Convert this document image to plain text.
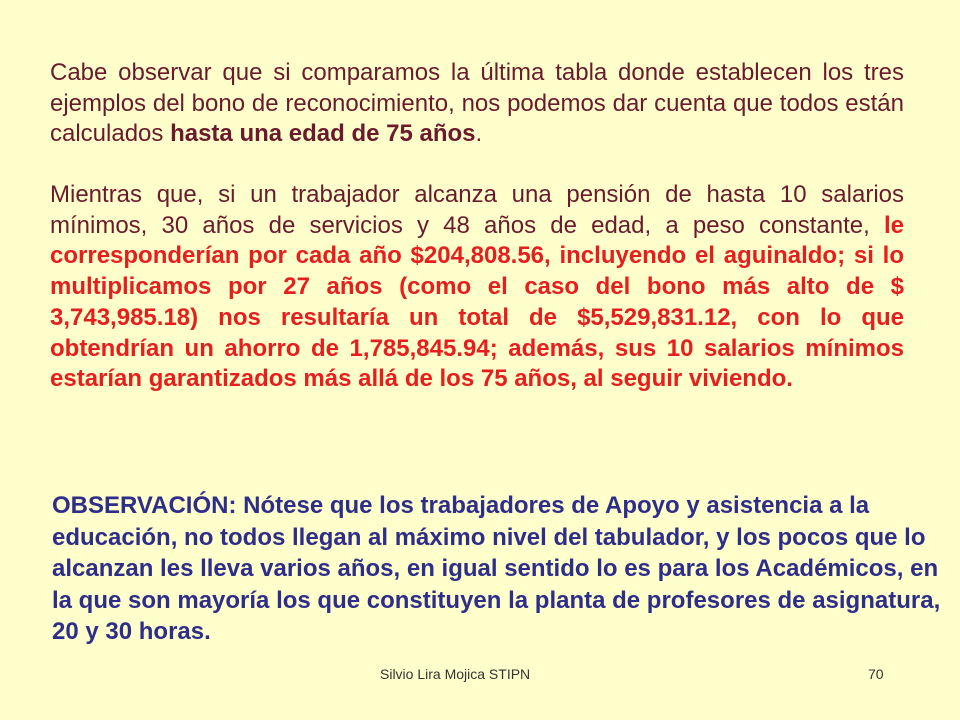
Cabe observar que si comparamos la última tabla donde establecen los tres ejemplos del bono de reconocimiento, nos podemos dar cuenta que todos están calculados hasta una edad de 75 años.

Mientras que, si un trabajador alcanza una pensión de hasta 10 salarios mínimos, 30 años de servicios y 48 años de edad, a peso constante, le corresponderían por cada año $204,808.56, incluyendo el aguinaldo; si lo multiplicamos por 27 años (como el caso del bono más alto de $ 3,743,985.18) nos resultaría un total de $5,529,831.12, con lo que obtendrían un ahorro de 1,785,845.94; además, sus 10 salarios mínimos estarían garantizados más allá de los 75 años, al seguir viviendo.

OBSERVACIÓN: Nótese que los trabajadores de Apoyo y asistencia a la educación, no todos llegan al máximo nivel del tabulador, y los pocos que lo alcanzan les lleva varios años, en igual sentido lo es para los Académicos, en la que son mayoría los que constituyen la planta de profesores de asignatura, 20 y 30 horas.

Silvio Lira Mojica STIPN	70
